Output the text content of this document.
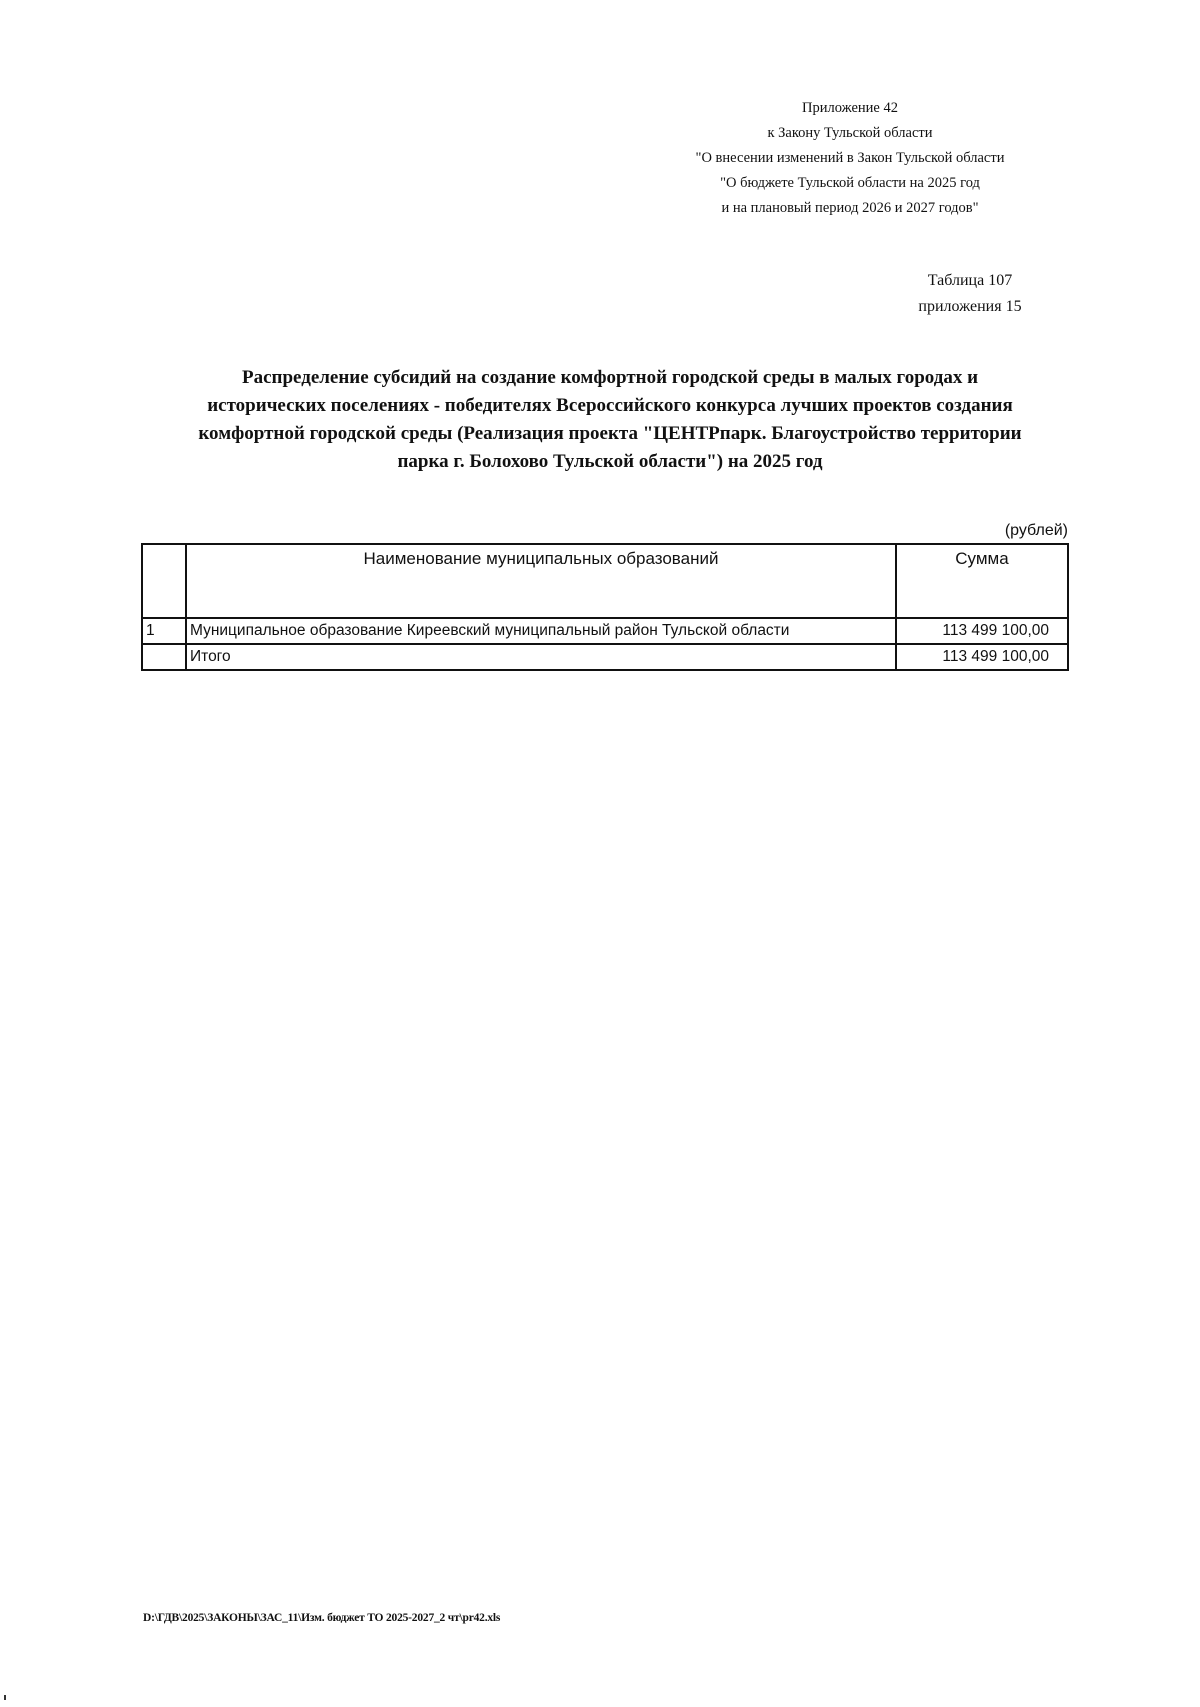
Приложение 42
к Закону Тульской области
"О внесении изменений в Закон Тульской области
"О бюджете Тульской области на 2025 год
и на плановый период 2026 и 2027 годов"
Таблица 107
приложения 15
Распределение субсидий на создание комфортной городской среды в малых городах и
исторических поселениях - победителях Всероссийского конкурса лучших проектов создания
комфортной городской среды (Реализация проекта "ЦЕНТРпарк. Благоустройство территории
парка г. Болохово Тульской области") на 2025 год
(рублей)
	Наименование муниципальных образований	Сумма
1	Муниципальное образование Киреевский муниципальный район Тульской области	113 499 100,00
	Итого	113 499 100,00
D:\ГДВ\2025\ЗАКОНЫ\ЗАС_11\Изм. бюджет ТО 2025-2027_2 чт\pr42.xls
